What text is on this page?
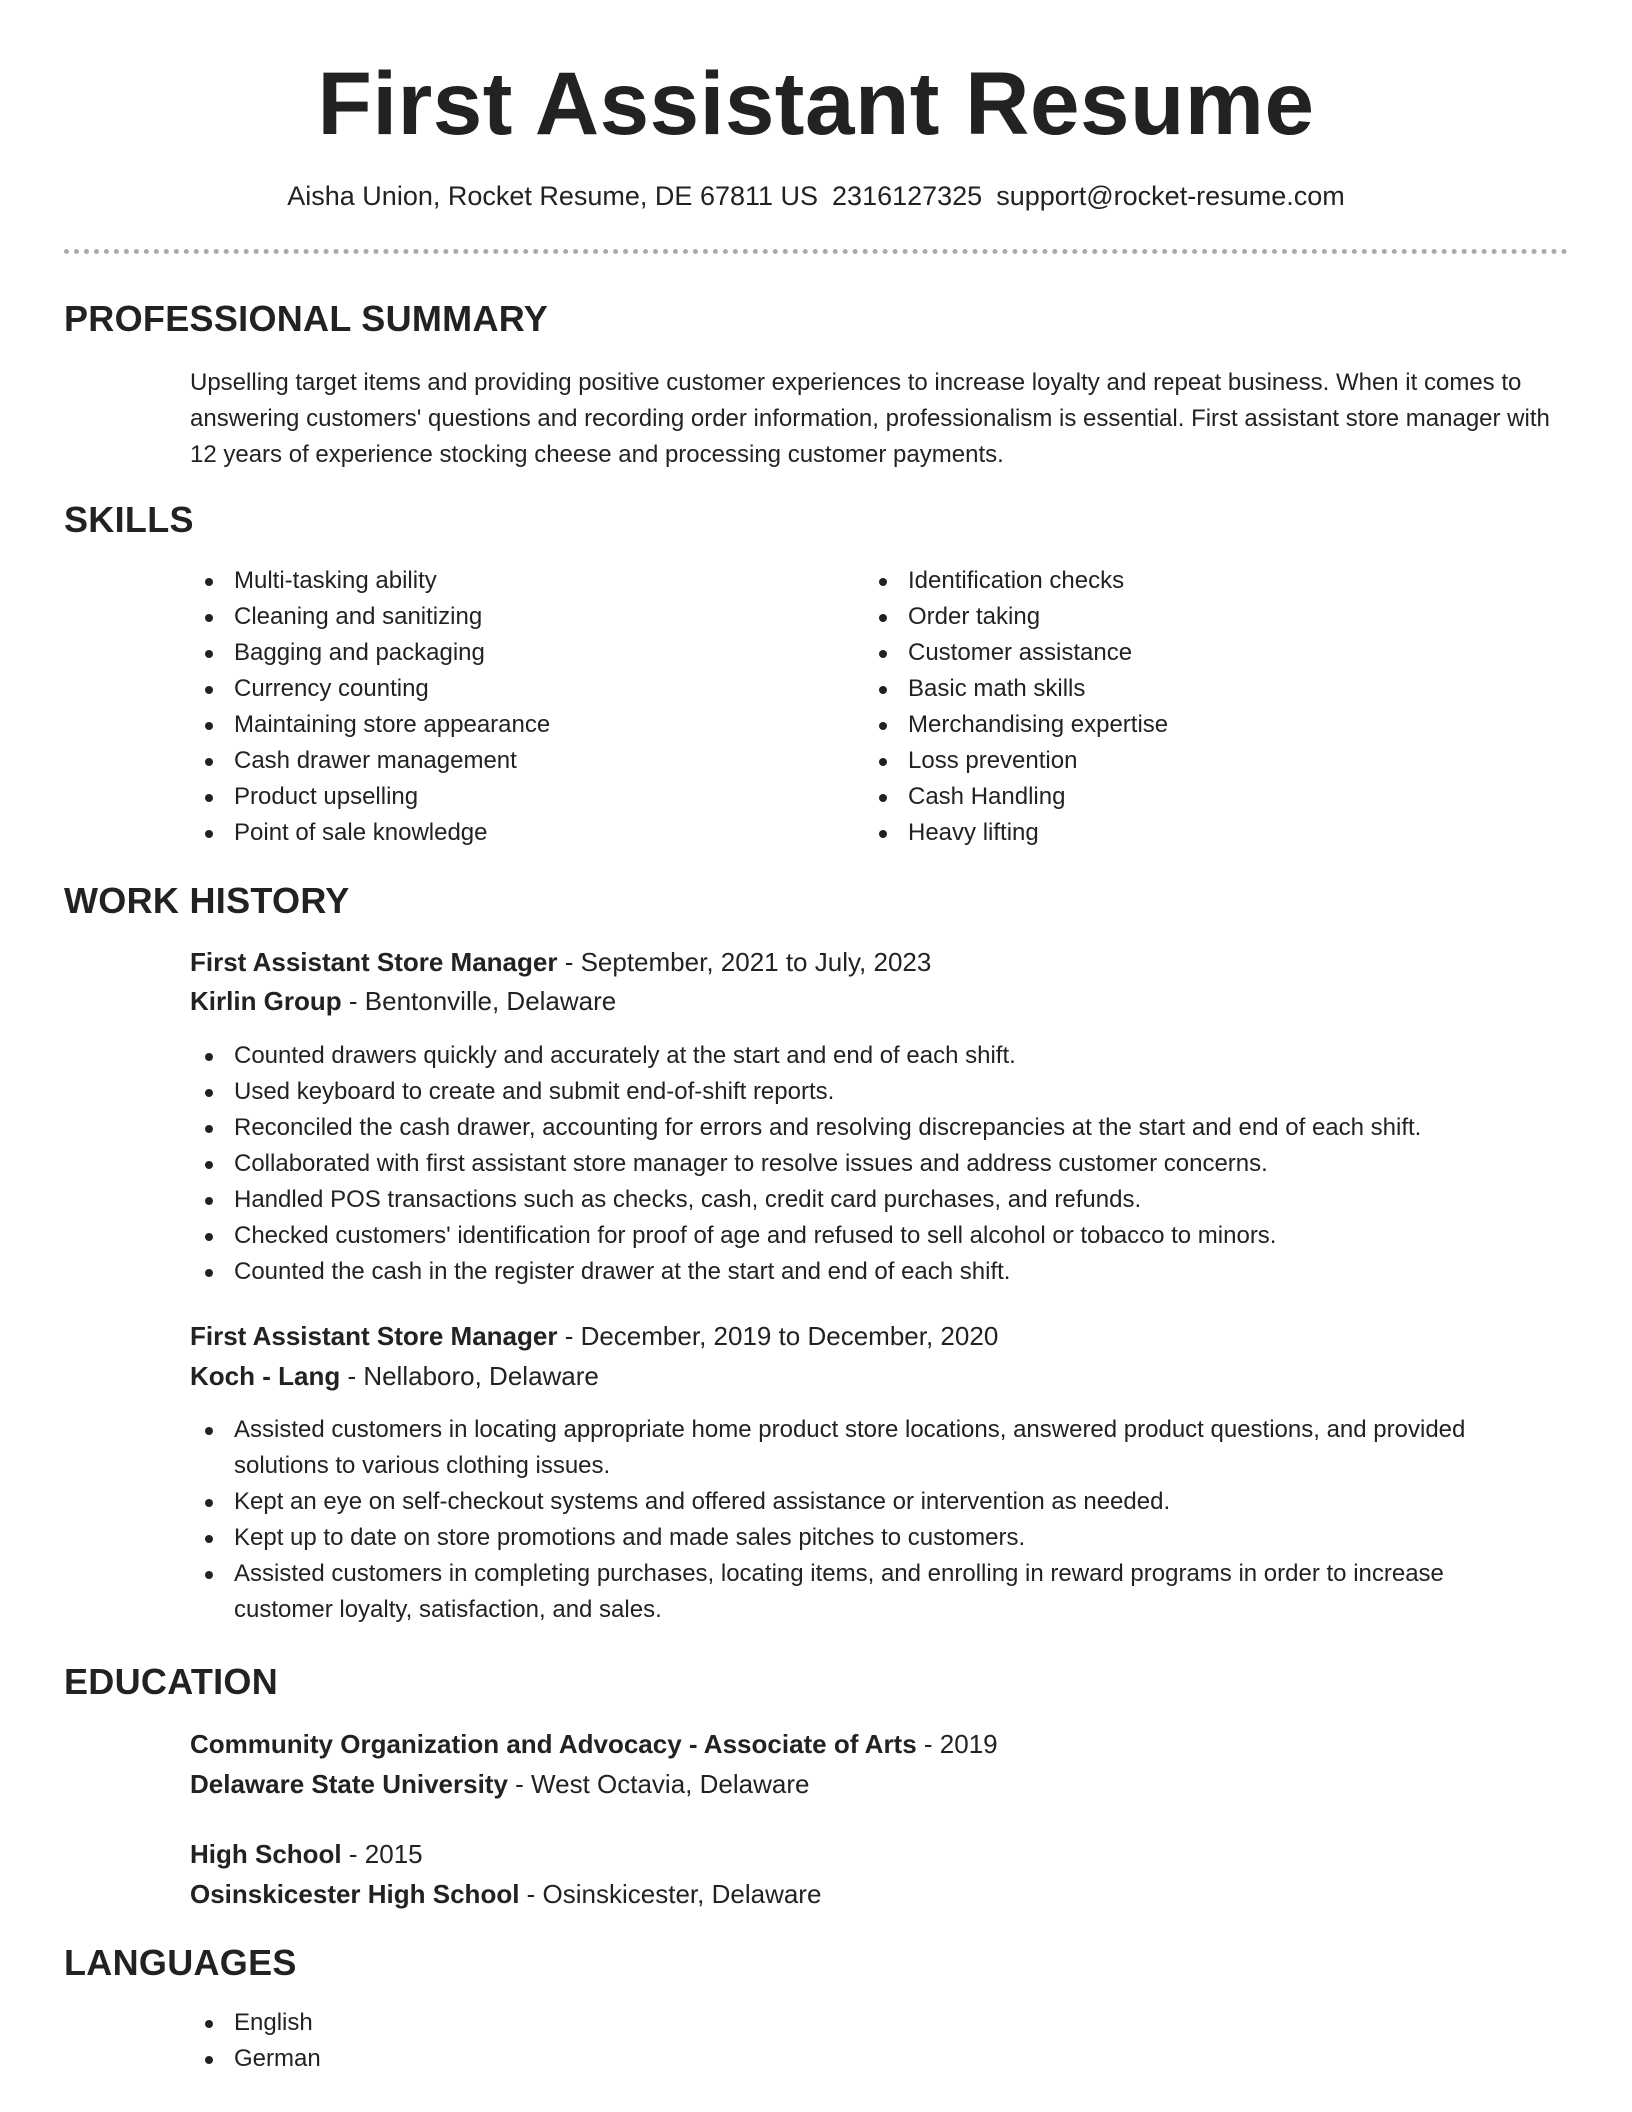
First Assistant Resume
Aisha Union, Rocket Resume, DE 67811 US 2316127325 support@rocket-resume.com
PROFESSIONAL SUMMARY
Upselling target items and providing positive customer experiences to increase loyalty and repeat business. When it comes to answering customers' questions and recording order information, professionalism is essential. First assistant store manager with 12 years of experience stocking cheese and processing customer payments.
SKILLS
Multi-tasking ability
Cleaning and sanitizing
Bagging and packaging
Currency counting
Maintaining store appearance
Cash drawer management
Product upselling
Point of sale knowledge
Identification checks
Order taking
Customer assistance
Basic math skills
Merchandising expertise
Loss prevention
Cash Handling
Heavy lifting
WORK HISTORY
First Assistant Store Manager - September, 2021 to July, 2023
Kirlin Group - Bentonville, Delaware
Counted drawers quickly and accurately at the start and end of each shift.
Used keyboard to create and submit end-of-shift reports.
Reconciled the cash drawer, accounting for errors and resolving discrepancies at the start and end of each shift.
Collaborated with first assistant store manager to resolve issues and address customer concerns.
Handled POS transactions such as checks, cash, credit card purchases, and refunds.
Checked customers' identification for proof of age and refused to sell alcohol or tobacco to minors.
Counted the cash in the register drawer at the start and end of each shift.
First Assistant Store Manager - December, 2019 to December, 2020
Koch - Lang - Nellaboro, Delaware
Assisted customers in locating appropriate home product store locations, answered product questions, and provided solutions to various clothing issues.
Kept an eye on self-checkout systems and offered assistance or intervention as needed.
Kept up to date on store promotions and made sales pitches to customers.
Assisted customers in completing purchases, locating items, and enrolling in reward programs in order to increase customer loyalty, satisfaction, and sales.
EDUCATION
Community Organization and Advocacy - Associate of Arts - 2019
Delaware State University - West Octavia, Delaware
High School - 2015
Osinskicester High School - Osinskicester, Delaware
LANGUAGES
English
German
